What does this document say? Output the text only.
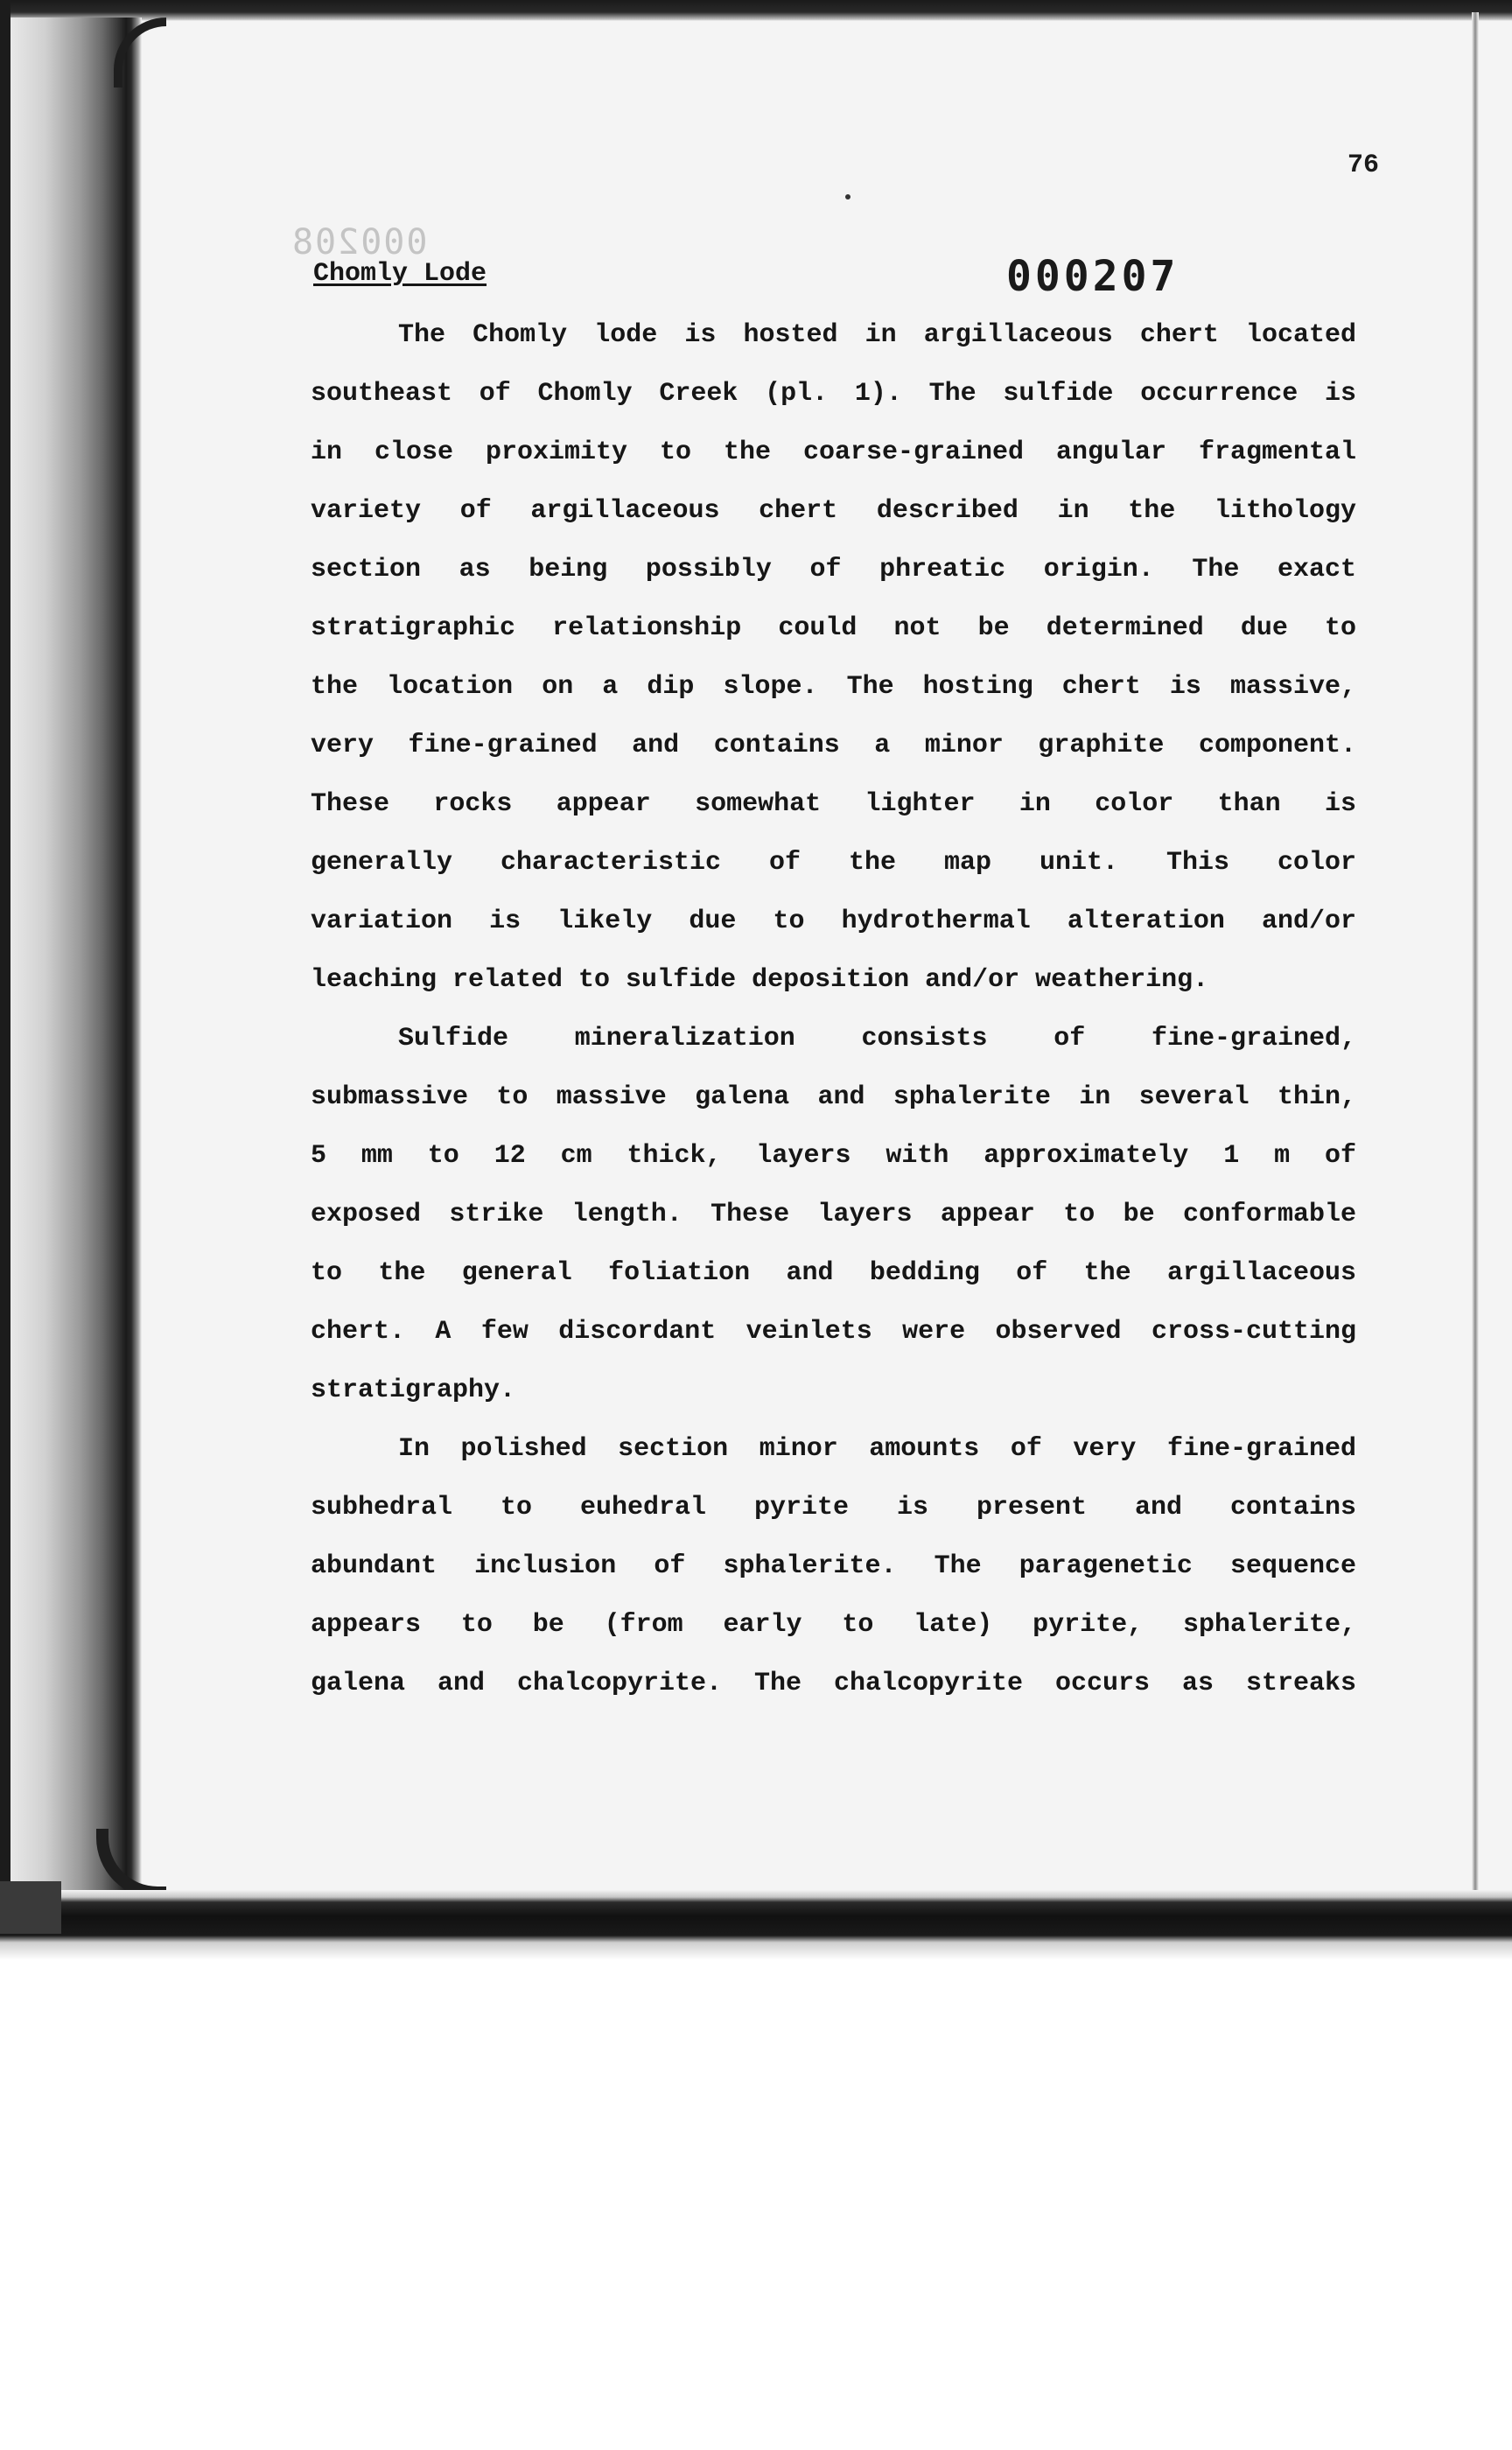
76
000208
000207
Chomly Lode
The Chomly lode is hosted in argillaceous chert located
southeast of Chomly Creek (pl. 1). The sulfide occurrence is
in close proximity to the coarse-grained angular fragmental
variety of argillaceous chert described in the lithology
section as being possibly of phreatic origin. The exact
stratigraphic relationship could not be determined due to
the location on a dip slope. The hosting chert is massive,
very fine-grained and contains a minor graphite component.
These rocks appear somewhat lighter in color than is
generally characteristic of the map unit. This color
variation is likely due to hydrothermal alteration and/or
leaching related to sulfide deposition and/or weathering.
Sulfide mineralization consists of fine-grained,
submassive to massive galena and sphalerite in several thin,
5 mm to 12 cm thick, layers with approximately 1 m of
exposed strike length. These layers appear to be conformable
to the general foliation and bedding of the argillaceous
chert. A few discordant veinlets were observed cross-cutting
stratigraphy.
In polished section minor amounts of very fine-grained
subhedral to euhedral pyrite is present and contains
abundant inclusion of sphalerite. The paragenetic sequence
appears to be (from early to late) pyrite, sphalerite,
galena and chalcopyrite. The chalcopyrite occurs as streaks
